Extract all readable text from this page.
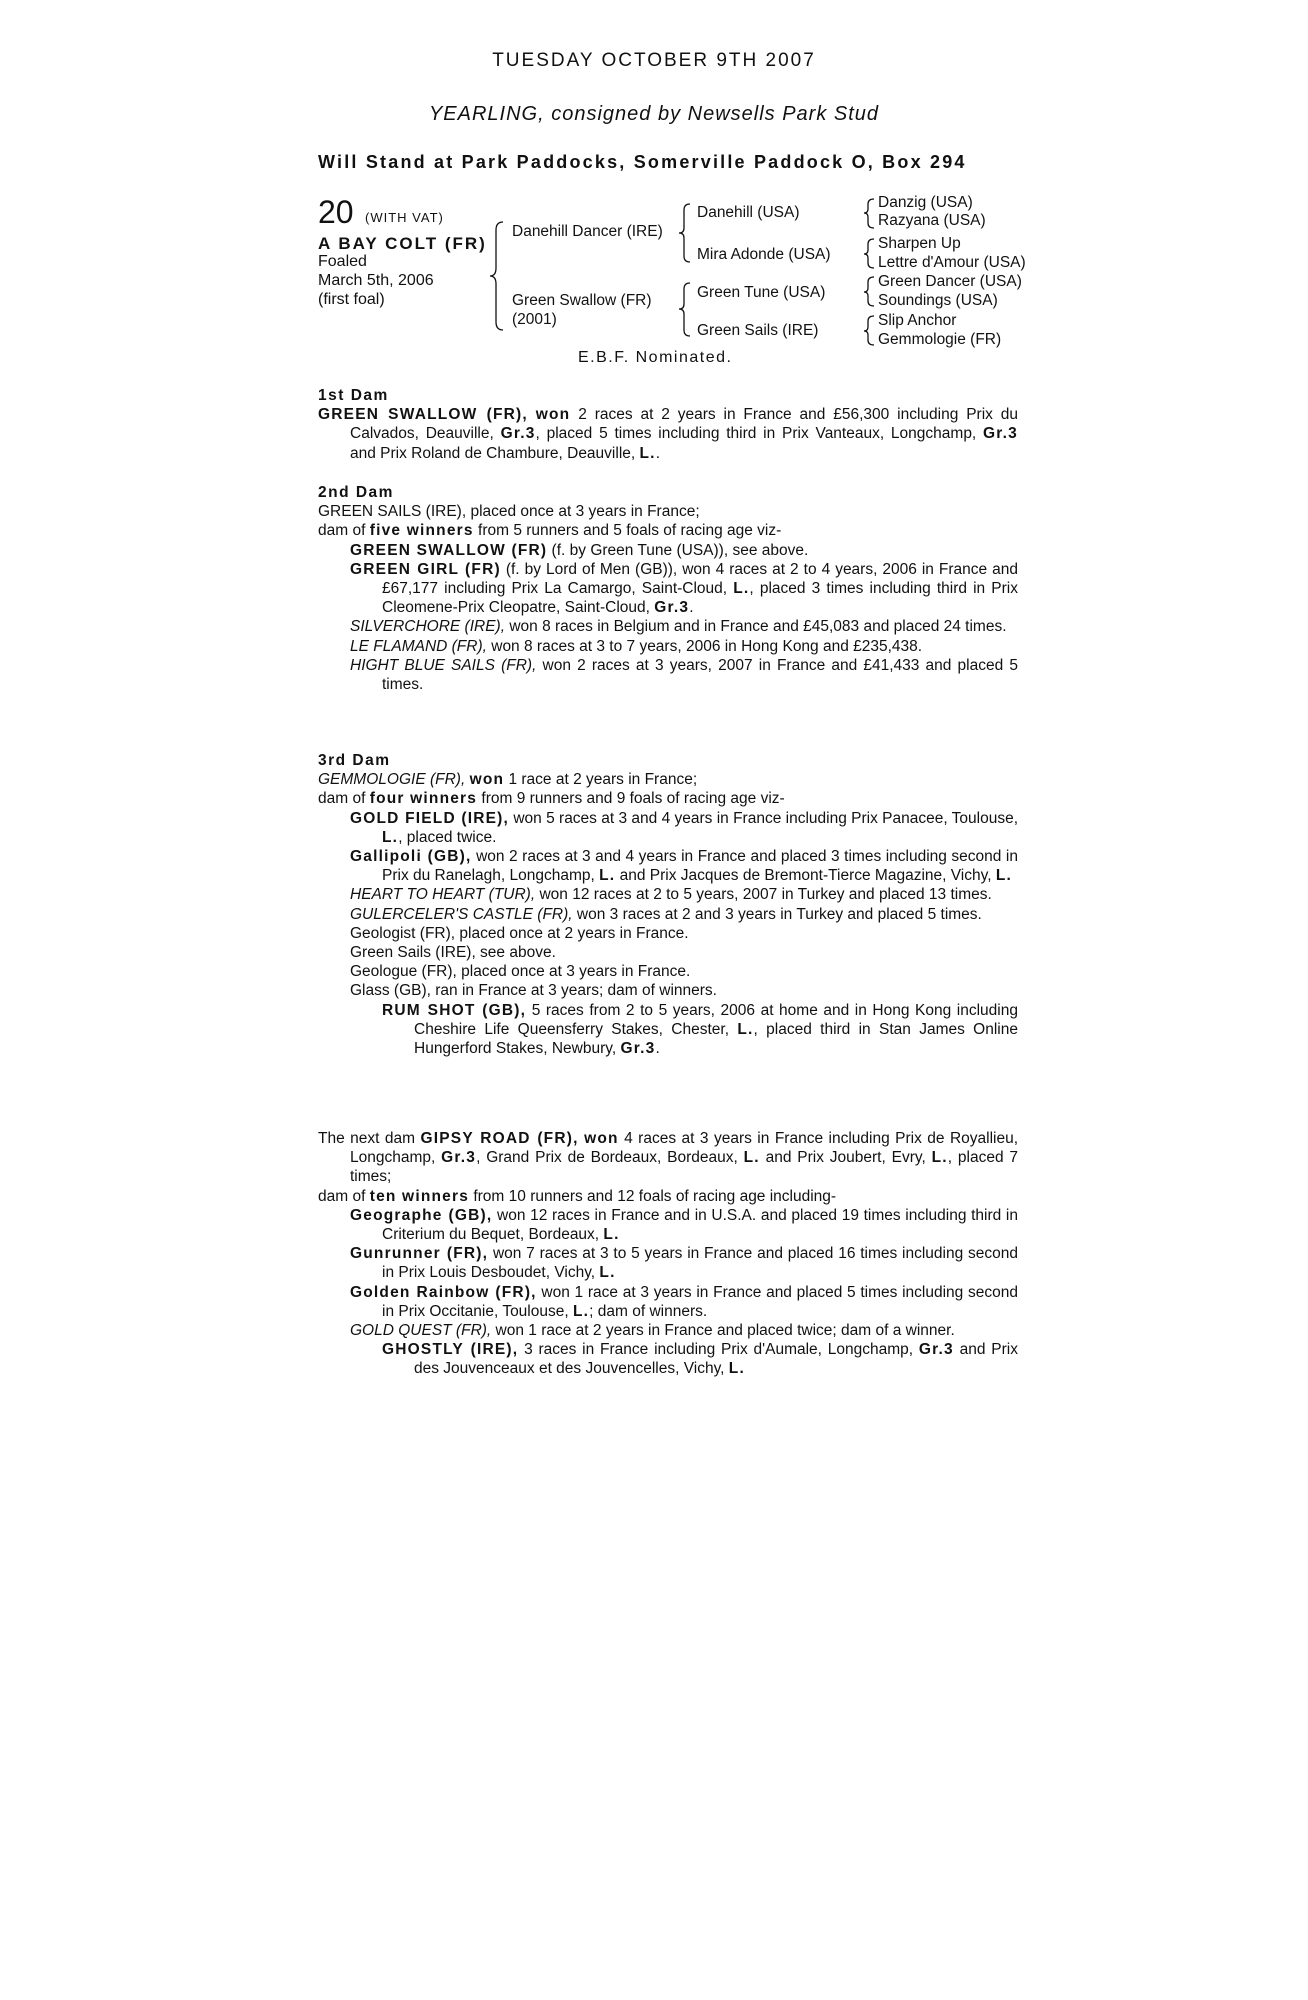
TUESDAY OCTOBER 9TH 2007
YEARLING, consigned by Newsells Park Stud
Will Stand at Park Paddocks, Somerville Paddock O, Box 294
20 (WITH VAT)
A BAY COLT (FR)
Foaled
March 5th, 2006
(first foal)
Danehill Dancer (IRE)
Green Swallow (FR)
(2001)
Danehill (USA)
Mira Adonde (USA)
Green Tune (USA)
Green Sails (IRE)
Danzig (USA)
Razyana (USA)
Sharpen Up
Lettre d'Amour (USA)
Green Dancer (USA)
Soundings (USA)
Slip Anchor
Gemmologie (FR)
E.B.F. Nominated.
1st Dam

GREEN SWALLOW (FR), won 2 races at 2 years in France and £56,300 including Prix du Calvados, Deauville, Gr.3, placed 5 times including third in Prix Vanteaux, Longchamp, Gr.3 and Prix Roland de Chambure, Deauville, L..

2nd Dam

GREEN SAILS (IRE), placed once at 3 years in France;

dam of five winners from 5 runners and 5 foals of racing age viz-

GREEN SWALLOW (FR) (f. by Green Tune (USA)), see above.

GREEN GIRL (FR) (f. by Lord of Men (GB)), won 4 races at 2 to 4 years, 2006 in France and £67,177 including Prix La Camargo, Saint-Cloud, L., placed 3 times including third in Prix Cleomene-Prix Cleopatre, Saint-Cloud, Gr.3.

SILVERCHORE (IRE), won 8 races in Belgium and in France and £45,083 and placed 24 times.

LE FLAMAND (FR), won 8 races at 3 to 7 years, 2006 in Hong Kong and £235,438.

HIGHT BLUE SAILS (FR), won 2 races at 3 years, 2007 in France and £41,433 and placed 5 times.

3rd Dam

GEMMOLOGIE (FR), won 1 race at 2 years in France;

dam of four winners from 9 runners and 9 foals of racing age viz-

GOLD FIELD (IRE), won 5 races at 3 and 4 years in France including Prix Panacee, Toulouse, L., placed twice.

Gallipoli (GB), won 2 races at 3 and 4 years in France and placed 3 times including second in Prix du Ranelagh, Longchamp, L. and Prix Jacques de Bremont-Tierce Magazine, Vichy, L.

HEART TO HEART (TUR), won 12 races at 2 to 5 years, 2007 in Turkey and placed 13 times.

GULERCELER'S CASTLE (FR), won 3 races at 2 and 3 years in Turkey and placed 5 times.

Geologist (FR), placed once at 2 years in France.

Green Sails (IRE), see above.

Geologue (FR), placed once at 3 years in France.

Glass (GB), ran in France at 3 years; dam of winners.

RUM SHOT (GB), 5 races from 2 to 5 years, 2006 at home and in Hong Kong including Cheshire Life Queensferry Stakes, Chester, L., placed third in Stan James Online Hungerford Stakes, Newbury, Gr.3.

The next dam GIPSY ROAD (FR), won 4 races at 3 years in France including Prix de Royallieu, Longchamp, Gr.3, Grand Prix de Bordeaux, Bordeaux, L. and Prix Joubert, Evry, L., placed 7 times;

dam of ten winners from 10 runners and 12 foals of racing age including-

Geographe (GB), won 12 races in France and in U.S.A. and placed 19 times including third in Criterium du Bequet, Bordeaux, L.

Gunrunner (FR), won 7 races at 3 to 5 years in France and placed 16 times including second in Prix Louis Desboudet, Vichy, L.

Golden Rainbow (FR), won 1 race at 3 years in France and placed 5 times including second in Prix Occitanie, Toulouse, L.; dam of winners.

GOLD QUEST (FR), won 1 race at 2 years in France and placed twice; dam of a winner.

GHOSTLY (IRE), 3 races in France including Prix d'Aumale, Longchamp, Gr.3 and Prix des Jouvenceaux et des Jouvencelles, Vichy, L.
